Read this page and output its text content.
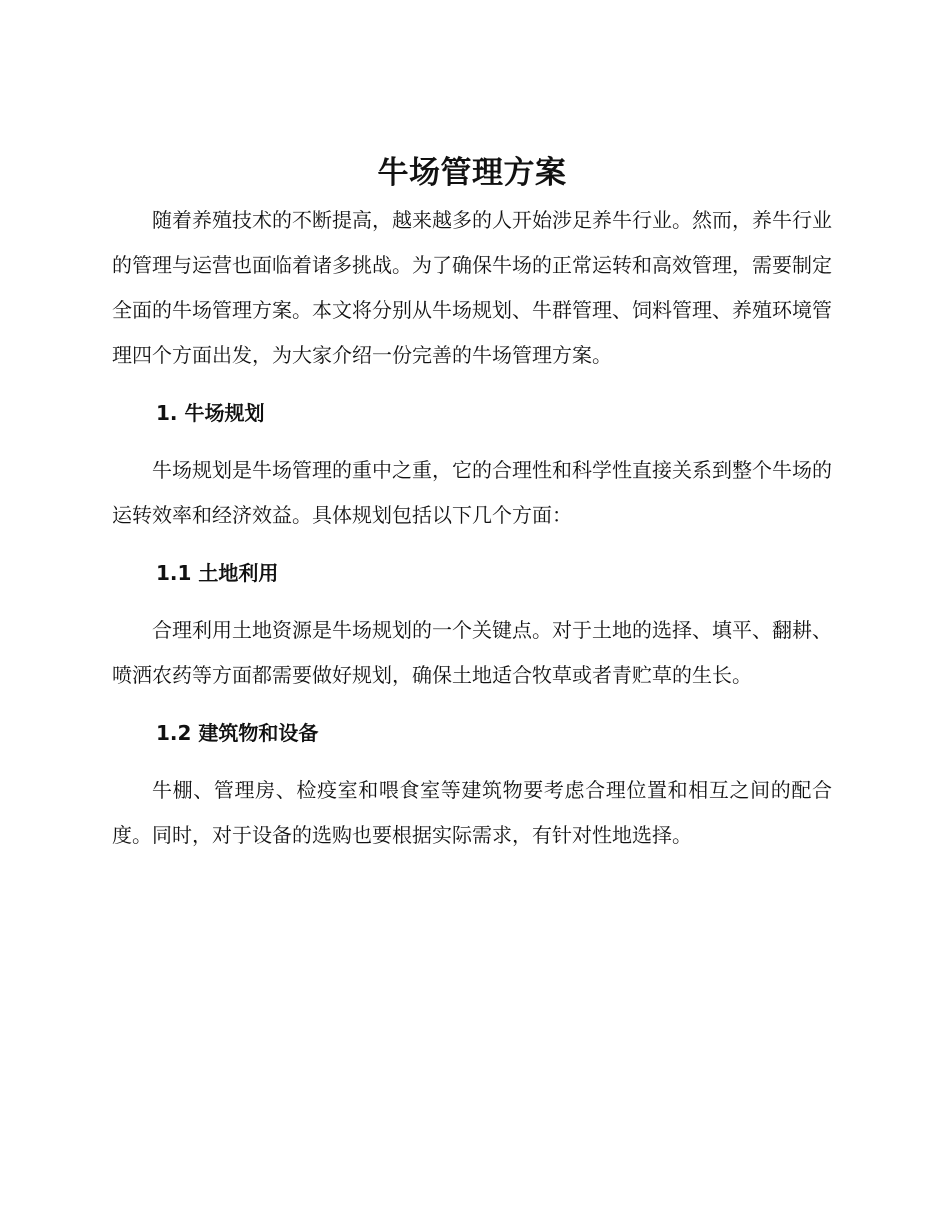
牛场管理方案

随着养殖技术的不断提高，越来越多的人开始涉足养牛行业。然而，养牛行业的管理与运营也面临着诸多挑战。为了确保牛场的正常运转和高效管理，需要制定全面的牛场管理方案。本文将分别从牛场规划、牛群管理、饲料管理、养殖环境管理四个方面出发，为大家介绍一份完善的牛场管理方案。

1. 牛场规划

牛场规划是牛场管理的重中之重，它的合理性和科学性直接关系到整个牛场的运转效率和经济效益。具体规划包括以下几个方面：

1.1 土地利用

合理利用土地资源是牛场规划的一个关键点。对于土地的选择、填平、翻耕、喷洒农药等方面都需要做好规划，确保土地适合牧草或者青贮草的生长。

1.2 建筑物和设备

牛棚、管理房、检疫室和喂食室等建筑物要考虑合理位置和相互之间的配合度。同时，对于设备的选购也要根据实际需求，有针对性地选择。
